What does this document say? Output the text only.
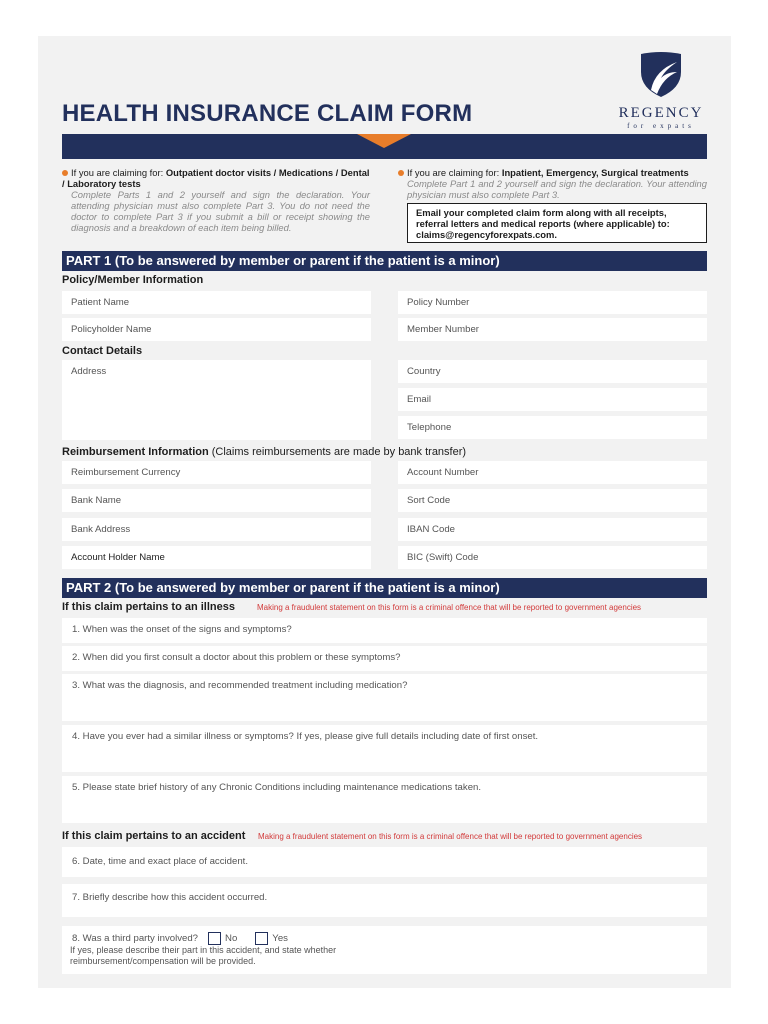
HEALTH INSURANCE CLAIM FORM	REGENCY
for expats
If you are claiming for: Outpatient doctor visits / Medications / Dental / Laboratory tests
Complete Parts 1 and 2 yourself and sign the declaration. Your attending physician must also complete Part 3. You do not need the doctor to complete Part 3 if you submit a bill or receipt showing the diagnosis and a breakdown of each item being billed.
If you are claiming for: Inpatient, Emergency, Surgical treatments
Complete Part 1 and 2 yourself and sign the declaration. Your attending physician must also complete Part 3.
Email your completed claim form along with all receipts, referral letters and medical reports (where applicable) to: claims@regencyforexpats.com.
PART 1 (To be answered by member or parent if the patient is a minor)
Policy/Member Information
Patient Name	Policy Number
Policyholder Name	Member Number
Contact Details
Address	Country
Email
Telephone
Reimbursement Information (Claims reimbursements are made by bank transfer)
Reimbursement Currency	Account Number
Bank Name	Sort Code
Bank Address	IBAN Code
Account Holder Name	BIC (Swift) Code
PART 2 (To be answered by member or parent if the patient is a minor)
If this claim pertains to an illness	Making a fraudulent statement on this form is a criminal offence that will be reported to government agencies
1. When was the onset of the signs and symptoms?
2. When did you first consult a doctor about this problem or these symptoms?
3. What was the diagnosis, and recommended treatment including medication?
4. Have you ever had a similar illness or symptoms? If yes, please give full details including date of first onset.
5. Please state brief history of any Chronic Conditions including maintenance medications taken.
If this claim pertains to an accident Making a fraudulent statement on this form is a criminal offence that will be reported to government agencies
6. Date, time and exact place of accident.
7. Briefly describe how this accident occurred.
8. Was a third party involved?	No	Yes
If yes, please describe their part in this accident, and state whether reimbursement/compensation will be provided.
